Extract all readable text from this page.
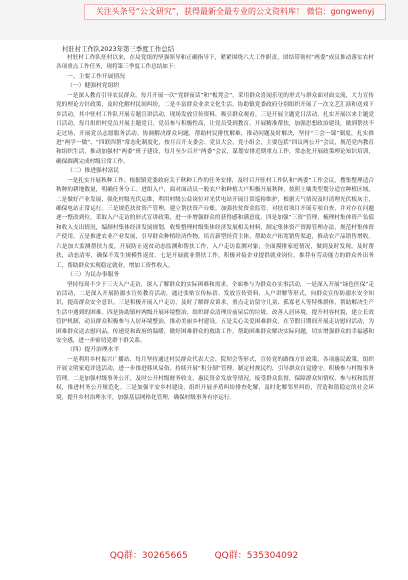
关注头条号“公文研究”，获得最新全最专业的公文资料库！ 微信：gongwenyj
村驻村工作队2023年第三季度工作总结

村驻村工作队驻村以来，在局党组的坚强领导和正确指导下，紧紧围绕六大工作职责，团结带领村“两委”成员推动落实农村各项重点工作任务，现将第三季度工作总结如下：

一、主要工作开展情况

（一）健强村党组织

一是深入教育引导农民群众。每月开展一次“党群夜话”和“板凳会”，采用群众喜闻乐见的形式与群众面对面交流，大力宣传党的理论方针政策，及时化解村民间纠纷，二是丰富群众业余文化生活。协助镇党委政府分别组织开展了一次文艺汇演和送戏下乡活动，其中驻村工作队开展专题宣讲活动，现场发放宣传资料，吸引群众观看。三是开展主题党日活动，扎实开展以来主题党日活动，每月组织村党员开展主题党日，党员参与积极性高，让党员受到教育。开展精准帮扶，加强思想政治建设，做到帮扶不走过场，开展党员志愿服务活动。协调解决群众问题，帮助村民排忧解难，推动问题及时解决，坚持“三会一课”制度，扎实推进“两学一做”、“四联四帮”常态化制度化，按月召开支委会、党员大会。党小组会，主要包括“四议两公开”会议，规范党内教育和组织生活，推动加强村“两委”班子建设，每月至少召开“两委”会议，谋划安排近期重点工作，常态化开展政策理论知识培训，确保圆满完成村级日常工作。

（二）推进强村富民

一是扎实开展秋种工作。根据镇党委政府关于秋种工作的任务安排，及时召开驻村工作队和“两委”工作会议，搜集整理适合秋种的耕地数量，明确任务分工。进组入户，面对面动员一般农户和种植大户积极开展秋种，按照土壤类型划分适宜种植区域，二是做好产业发展，强化村级光伏运维，利用村级公益岗位对光伏电站开展日常巡检维护，根据天气情况及时清理光伏板灰尘，确保电站正常运行。三是规范扶贫资产管理，建立帮扶资产台账。加强扶贫资金监管，对扶贫项目开展专项自查，并对存在问题逐一整改到位，采取入户走访的形式宣讲政策，进一步增强群众的获得感和满意度。四是加强“三资”管理，梳理村集体资产负债和收入支出情况，编制村集体经济发展规划，收集整理村级集体经济发展相关材料，制定集体资产资源管理办法，规范村集体资产使用。五是推进农业产业发展，引导群众种植经济作物，培育新型经营主体，帮助农户拓宽销售渠道，推动农产品销售增收。六是加大监测帮扶力度，开展防止返贫动态监测和帮扶工作，入户走访监测对象，全面摸排家庭情况，做到及时发现、及时帮扶，动态清零，确保不发生规模性返贫。七是开展就业帮扶工作，积极对接企业提供就业岗位，推荐有劳动能力的群众外出务工，帮助群众实现稳定就业，增加工资性收入。

（三）为民办事服务

坚持每周不少于三天入户走访，深入了解群众的实际困难和需求，全面参与为群众办实事活动，一是深入开展“绿色医保”走访活动，二是深入开展防溺水宣传教育活动，通过张贴宣传标语、发放宣传资料、入户讲解等形式，向群众宣传防溺水安全知识，提高群众安全意识。三是积极开展入户走访，及时了解群众诉求，重点走访留守儿童、孤寡老人等特殊群体，帮助解决生产生活中遇到的困难。四是协助镇村两级开展环境整治，组织群众清理房前屋后的垃圾，改善人居环境，提升村容村貌，建立长效管护机制，动员群众积极参与人居环境整治，推动美丽乡村建设。五是关心关爱困难群众，在节假日期间开展走访慰问活动，为困难群众送去慰问品，传递党和政府的温暖，做好困难群众的救助工作，帮助困难群众解决实际问题，切实增强群众的幸福感和安全感，进一步密切党群干群关系。

（四）提升治理水平

一是利用乡村振兴广播站、每月坚持通过村民群众代表大会、院坝会等形式，宣传党的路线方针政策、各项惠民政策，组织开展文明家庭评选活动，进一步推进移风易俗，持续开展“积分制”管理，制定村规民约，引导群众自觉遵守，积极参与村级事务管理。二是加强村级事务公开，及时公开村级财务收支、惠民资金发放等情况，接受群众监督，保障群众知情权、参与权和监督权，推进村务公开规范化。三是加强平安乡村建设，组织开展矛盾纠纷排查化解，及时化解邻里纠纷，营造和谐稳定的社会环境，提升乡村治理水平，加强基层网格化管理，确保村级事务有序运行。

QQ群：30265665	QQ群：535304092
